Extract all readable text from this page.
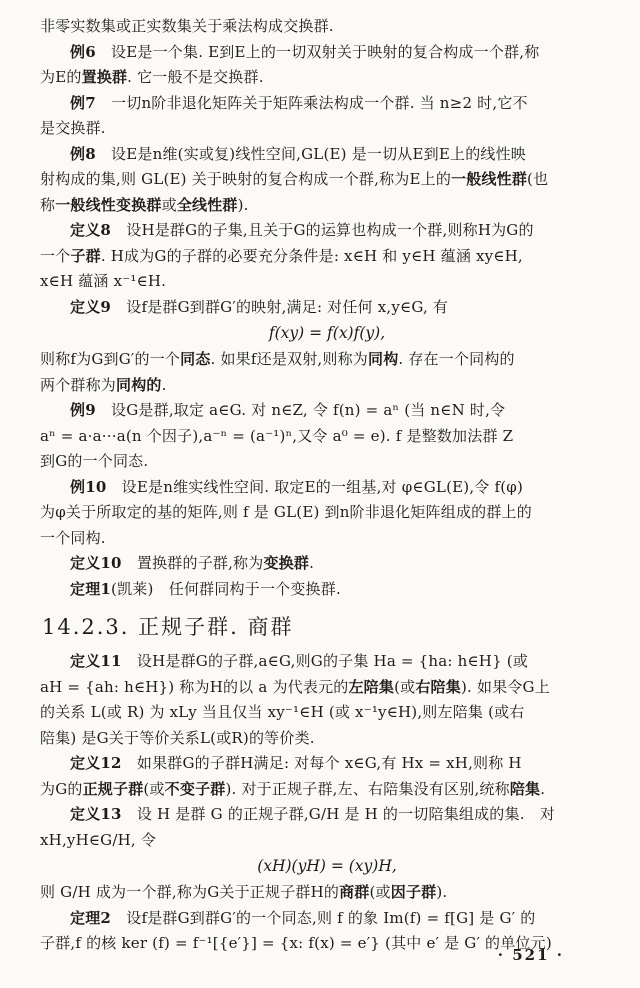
非零实数集或正实数集关于乘法构成交换群.
例6　设E是一个集. E到E上的一切双射关于映射的复合构成一个群,称
为E的置换群. 它一般不是交换群.
例7　一切n阶非退化矩阵关于矩阵乘法构成一个群. 当 n≥2 时,它不
是交换群.
例8　设E是n维(实或复)线性空间,GL(E) 是一切从E到E上的线性映
射构成的集,则 GL(E) 关于映射的复合构成一个群,称为E上的一般线性群(也
称一般线性变换群或全线性群).
定义8　设H是群G的子集,且关于G的运算也构成一个群,则称H为G的
一个子群. H成为G的子群的必要充分条件是: x∈H 和 y∈H 蕴涵 xy∈H,
x∈H 蕴涵 x⁻¹∈H.
定义9　设f是群G到群G′的映射,满足: 对任何 x,y∈G, 有
f(xy) = f(x)f(y),
则称f为G到G′的一个同态. 如果f还是双射,则称为同构. 存在一个同构的
两个群称为同构的.
例9　设G是群,取定 a∈G. 对 n∈Z, 令 f(n) = aⁿ (当 n∈N 时,令
aⁿ = a·a···a(n 个因子),a⁻ⁿ = (a⁻¹)ⁿ,又令 a⁰ = e). f 是整数加法群 Z
到G的一个同态.
例10　设E是n维实线性空间. 取定E的一组基,对 φ∈GL(E),令 f(φ)
为φ关于所取定的基的矩阵,则 f 是 GL(E) 到n阶非退化矩阵组成的群上的
一个同构.
定义10　置换群的子群,称为变换群.
定理1(凯莱)　任何群同构于一个变换群.
14.2.3. 正规子群. 商群
定义11　设H是群G的子群,a∈G,则G的子集 Ha = {ha: h∈H} (或
aH = {ah: h∈H}) 称为H的以 a 为代表元的左陪集(或右陪集). 如果令G上
的关系 L(或 R) 为 xLy 当且仅当 xy⁻¹∈H (或 x⁻¹y∈H),则左陪集 (或右
陪集) 是G关于等价关系L(或R)的等价类.
定义12　如果群G的子群H满足: 对每个 x∈G,有 Hx = xH,则称 H
为G的正规子群(或不变子群). 对于正规子群,左、右陪集没有区别,统称陪集.
定义13　设 H 是群 G 的正规子群,G/H 是 H 的一切陪集组成的集.　对
xH,yH∈G/H, 令
(xH)(yH) = (xy)H,
则 G/H 成为一个群,称为G关于正规子群H的商群(或因子群).
定理2　设f是群G到群G′的一个同态,则 f 的象 Im(f) = f[G] 是 G′ 的
子群,f 的核 ker (f) = f⁻¹[{e′}] = {x: f(x) = e′} (其中 e′ 是 G′ 的单位元)
· 521 ·
